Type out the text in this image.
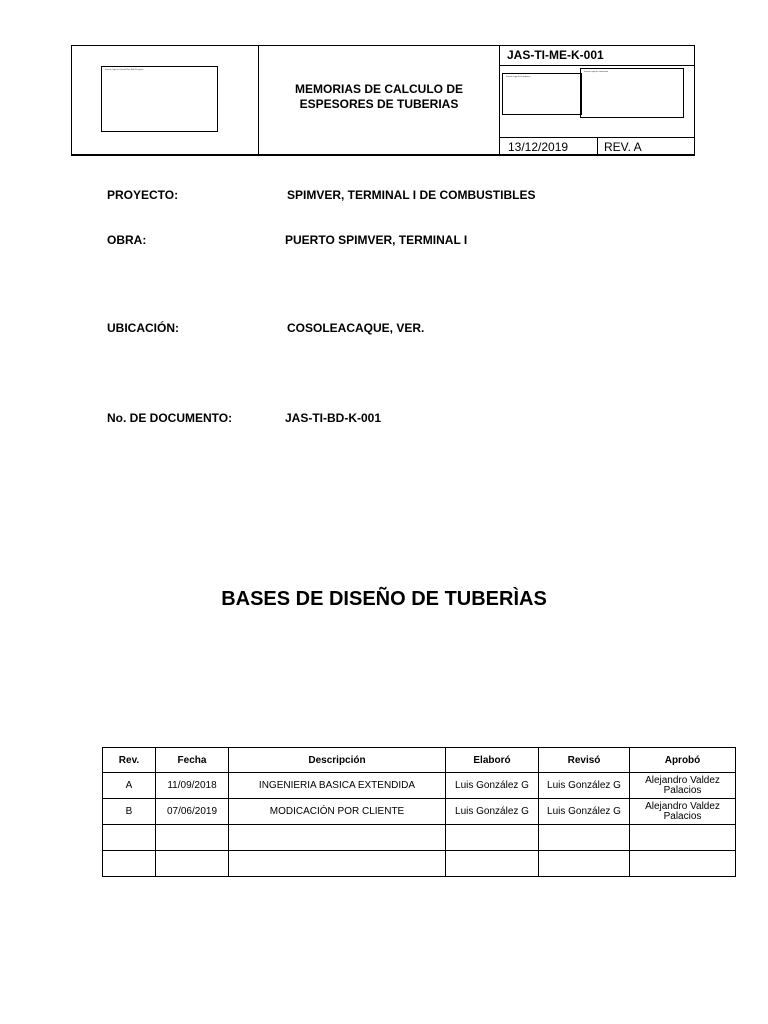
Insertar logo del cliente/Plan Edif./Proyecto
MEMORIAS DE CALCULO DE
ESPESORES DE TUBERIAS
JAS-TI-ME-K-001
Insertar logo de la empresa
Insertar logo del contratista
13/12/2019	REV. A
PROYECTO:	SPIMVER, TERMINAL I DE COMBUSTIBLES
OBRA:	PUERTO SPIMVER, TERMINAL I
UBICACIÓN:	COSOLEACAQUE, VER.
No. DE DOCUMENTO:	JAS-TI-BD-K-001
BASES DE DISEÑO DE TUBERÌAS
Rev.	Fecha	Descripción	Elaboró	Revisó	Aprobó
A	11/09/2018	INGENIERIA BASICA EXTENDIDA	Luis González G	Luis González G	Alejandro Valdez Palacios
B	07/06/2019	MODICACIÓN POR CLIENTE	Luis González G	Luis González G	Alejandro Valdez Palacios
